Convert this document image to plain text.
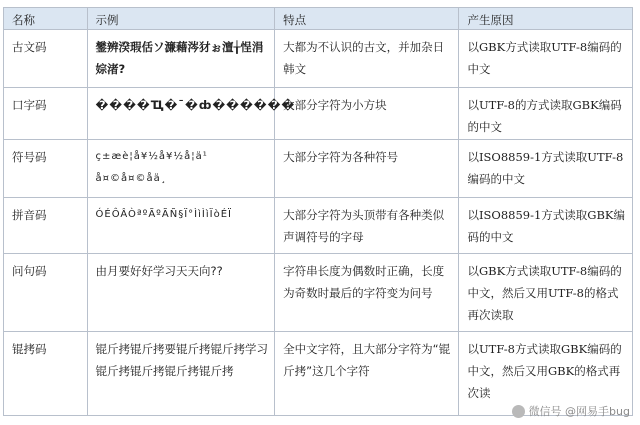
名称	示例	特点	产生原因
古文码	鐢辨湀瑕佸ソ濂藉涔犲ぉ澶╁悜涓婃渚?	大都为不认识的古文，并加杂日韩文	以GBK方式读取UTF-8编码的中文
口字码	����Ҵ�ˉ�ȸ������	大部分字符为小方块	以UTF-8的方式读取GBK编码的中文
符号码	ç±æè¦å¥½å¥½å¦ä¹ å¤©å¤©åä¸	大部分字符为各种符号	以ISO8859-1方式读取UTF-8编码的中文
拼音码	ÓÉÔÂÒªºÃºÃÑ§Ï°ÌìÌìÏòÉÏ	大部分字符为头顶带有各种类似声调符号的字母	以ISO8859-1方式读取GBK编码的中文
问句码	由月要好好学习天天向??	字符串长度为偶数时正确，长度为奇数时最后的字符变为问号	以GBK方式读取UTF-8编码的中文，然后又用UTF-8的格式再次读取
锟拷码	锟斤拷锟斤拷要锟斤拷锟斤拷学习锟斤拷锟斤拷锟斤拷锟斤拷	全中文字符，且大部分字符为“锟斤拷”这几个字符	以UTF-8方式读取GBK编码的中文，然后又用GBK的格式再次读
微信号 @网易手bug
